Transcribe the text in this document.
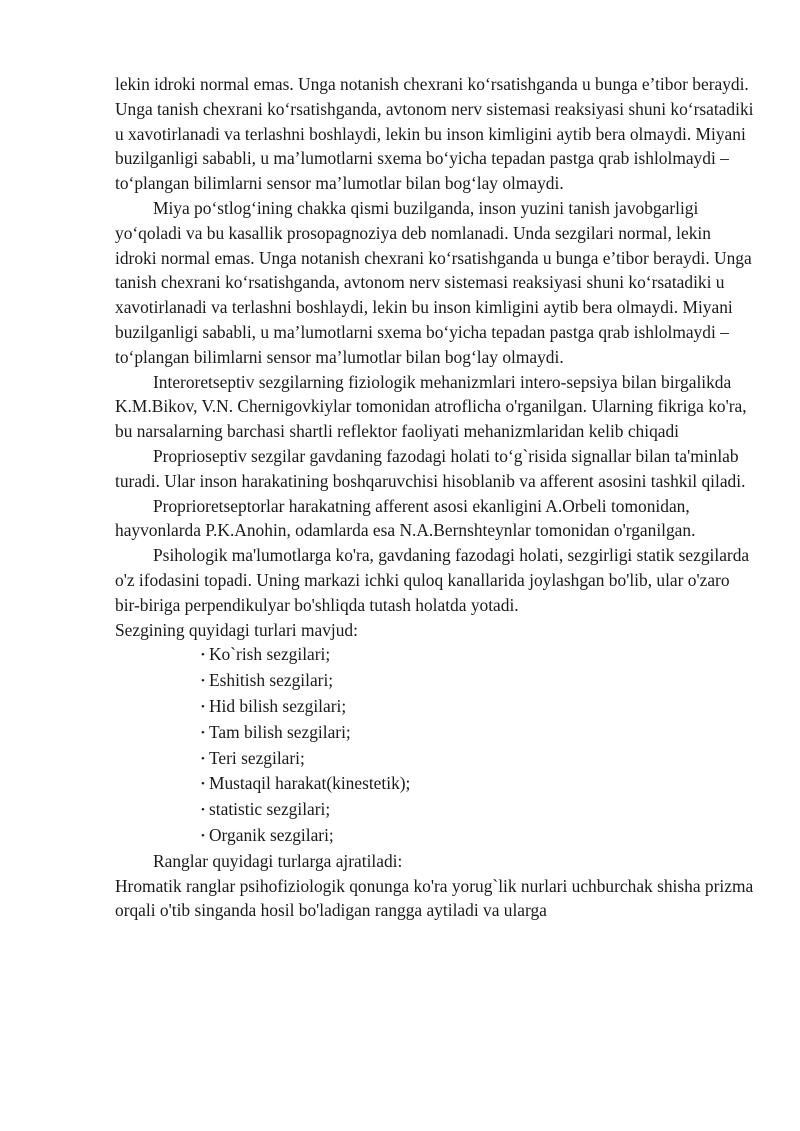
lekin idroki normal emas. Unga notanish chexrani ko‘rsatishganda u bunga e’tibor beraydi. Unga tanish chexrani ko‘rsatishganda, avtonom nerv sistemasi reaksiyasi shuni ko‘rsatadiki u xavotirlanadi va terlashni boshlaydi, lekin bu inson kimligini aytib bera olmaydi. Miyani buzilganligi sababli, u ma’lumotlarni sxema bo‘yicha tepadan pastga qrab ishlolmaydi – to‘plangan bilimlarni sensor ma’lumotlar bilan bog‘lay olmaydi.

Miya po‘stlog‘ining chakka qismi buzilganda, inson yuzini tanish javobgarligi yo‘qoladi va bu kasallik prosopagnoziya deb nomlanadi. Unda sezgilari normal, lekin idroki normal emas. Unga notanish chexrani ko‘rsatishganda u bunga e’tibor beraydi. Unga tanish chexrani ko‘rsatishganda, avtonom nerv sistemasi reaksiyasi shuni ko‘rsatadiki u xavotirlanadi va terlashni boshlaydi, lekin bu inson kimligini aytib bera olmaydi. Miyani buzilganligi sababli, u ma’lumotlarni sxema bo‘yicha tepadan pastga qrab ishlolmaydi – to‘plangan bilimlarni sensor ma’lumotlar bilan bog‘lay olmaydi.

Interoretseptiv sezgilarning fiziologik mehanizmlari intero-sepsiya bilan birgalikda K.M.Bikov, V.N. Chernigovkiylar tomonidan atroflicha o'rganilgan. Ularning fikriga ko'ra, bu narsalarning barchasi shartli reflektor faoliyati mehanizmlaridan kelib chiqadi

Proprioseptiv sezgilar gavdaning fazodagi holati to‘g`risida signallar bilan ta'minlab turadi. Ular inson harakatining boshqaruvchisi hisoblanib va afferent asosini tashkil qiladi.

Proprioretseptorlar harakatning afferent asosi ekanligini A.Orbeli tomonidan, hayvonlarda P.K.Anohin, odamlarda esa N.A.Bernshteynlar tomonidan o'rganilgan.

Psihologik ma'lumotlarga ko'ra, gavdaning fazodagi holati, sezgirligi statik sezgilarda o'z ifodasini topadi. Uning markazi ichki quloq kanallarida joylashgan bo'lib, ular o'zaro bir-biriga perpendikulyar bo'shliqda tutash holatda yotadi.

Sezgining quyidagi turlari mavjud:

• Ko`rish sezgilari;
• Eshitish sezgilari;
• Hid bilish sezgilari;
• Tam bilish sezgilari;
• Teri sezgilari;
• Mustaqil harakat(kinestetik);
• statistic sezgilari;
• Organik sezgilari;

Ranglar quyidagi turlarga ajratiladi:

Hromatik ranglar psihofiziologik qonunga ko'ra yorug`lik nurlari uchburchak shisha prizma orqali o'tib singanda hosil bo'ladigan rangga aytiladi va ularga
